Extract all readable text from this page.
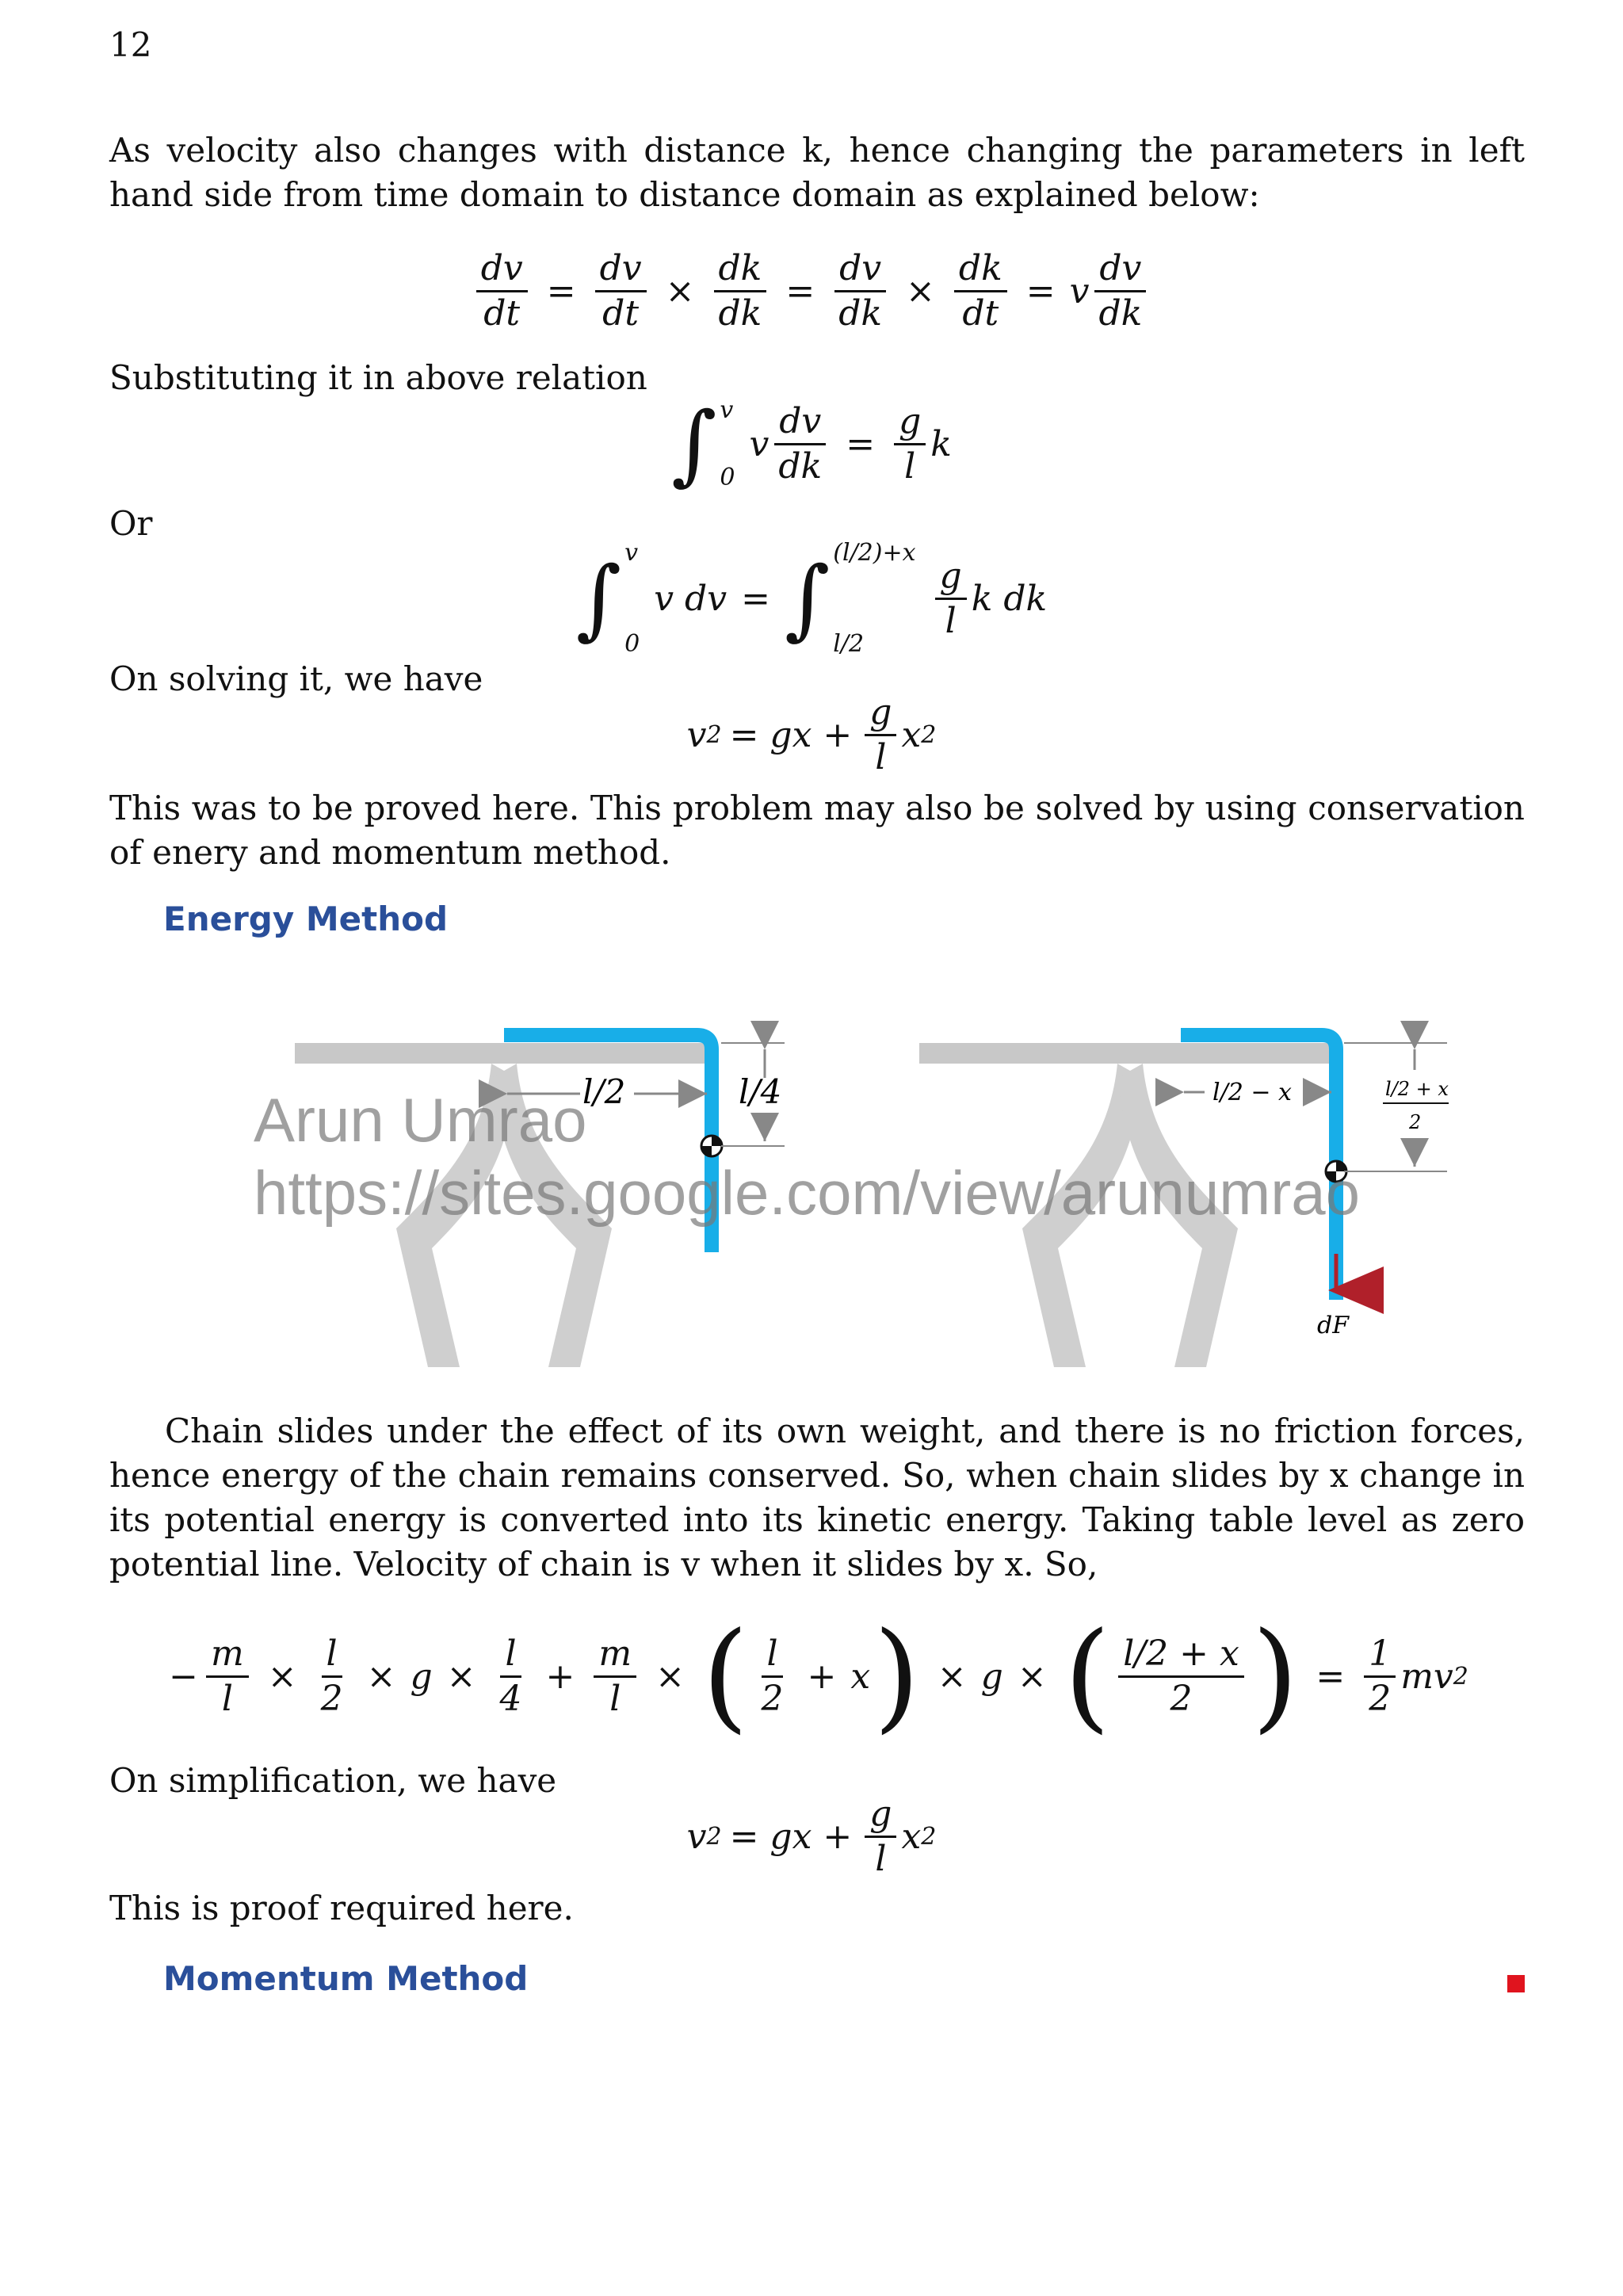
12
As velocity also changes with distance k, hence changing the parameters in left hand side from time domain to distance domain as explained below:
$\frac{dv}{dt} = \frac{dv}{dt} \times \frac{dk}{dk} = \frac{dv}{dk} \times \frac{dk}{dt} = v \frac{dv}{dk}$
Substituting it in above relation
∫ v
0
v $\frac{dv}{dk} = \frac{g}{l}$ k
Or
∫ v
0
v dv = ∫ (l/2)+x
l/2
$\frac{g}{l}$ k dk
On solving it, we have
v 2 = gx + $\frac{g}{l}$ x 2
This was to be proved here. This problem may also be solved by using conservation of enery and momentum method.
Energy Method
l/2	l/4
dF
l/2 − x	l/2 + x
2
Arun Umrao
https://sites.google.com/view/arunumrao
Chain slides under the effect of its own weight, and there is no friction forces, hence energy of the chain remains conserved. So, when chain slides by x change in its potential energy is converted into its kinetic energy. Taking table level as zero potential line. Velocity of chain is v when it slides by x. So,
− $\frac{m}{l} \times \frac{l}{2} \times g \times \frac{l}{4} + \frac{m}{l}$ × ( $\frac{l}{2} + x$ ) × g × ( $\frac{l/2 + x}{2}$ ) = $\frac{1}{2}$ mv 2
On simplification, we have
v 2 = gx + $\frac{g}{l}$ x 2
This is proof required here.
Momentum Method
